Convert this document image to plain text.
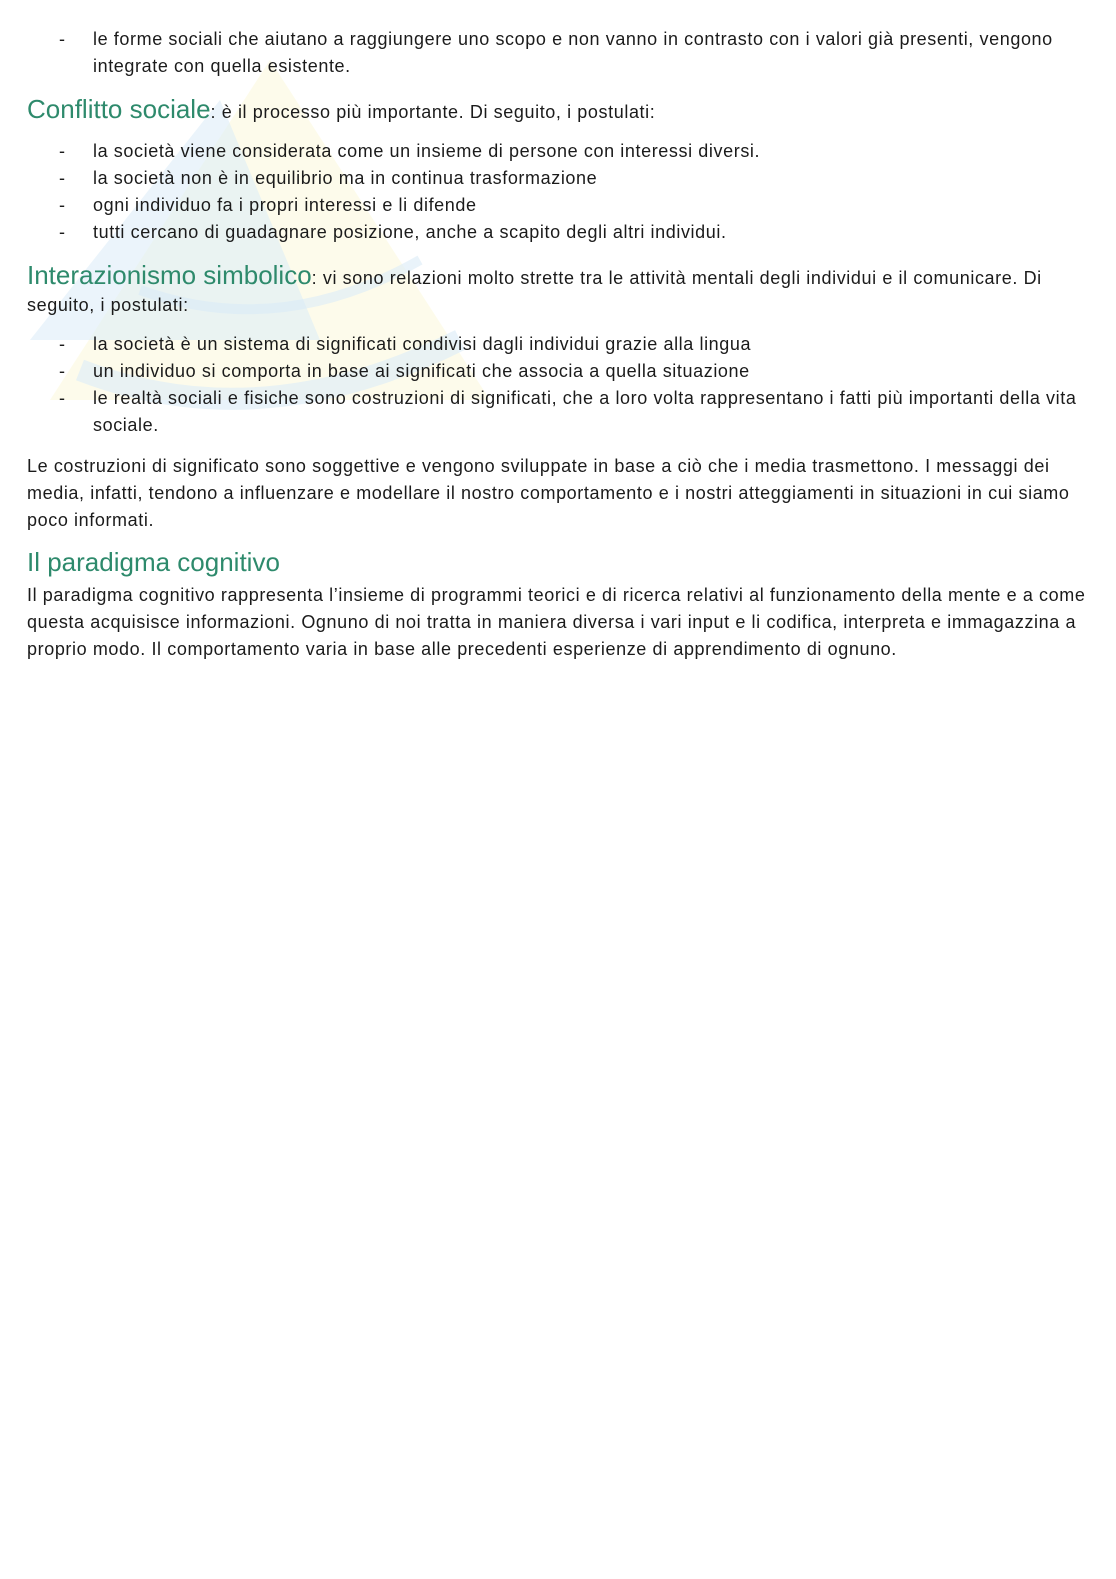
- le forme sociali che aiutano a raggiungere uno scopo e non vanno in contrasto con i valori già presenti, vengono integrate con quella esistente.

Conflitto sociale: è il processo più importante. Di seguito, i postulati:

- la società viene considerata come un insieme di persone con interessi diversi.
- la società non è in equilibrio ma in continua trasformazione
- ogni individuo fa i propri interessi e li difende
- tutti cercano di guadagnare posizione, anche a scapito degli altri individui.

Interazionismo simbolico: vi sono relazioni molto strette tra le attività mentali degli individui e il comunicare. Di seguito, i postulati:

- la società è un sistema di significati condivisi dagli individui grazie alla lingua
- un individuo si comporta in base ai significati che associa a quella situazione
- le realtà sociali e fisiche sono costruzioni di significati, che a loro volta rappresentano i fatti più importanti della vita sociale.

Le costruzioni di significato sono soggettive e vengono sviluppate in base a ciò che i media trasmettono. I messaggi dei media, infatti, tendono a influenzare e modellare il nostro comportamento e i nostri atteggiamenti in situazioni in cui siamo poco informati.

Il paradigma cognitivo

Il paradigma cognitivo rappresenta l’insieme di programmi teorici e di ricerca relativi al funzionamento della mente e a come questa acquisisce informazioni. Ognuno di noi tratta in maniera diversa i vari input e li codifica, interpreta e immagazzina a proprio modo. Il comportamento varia in base alle precedenti esperienze di apprendimento di ognuno.
